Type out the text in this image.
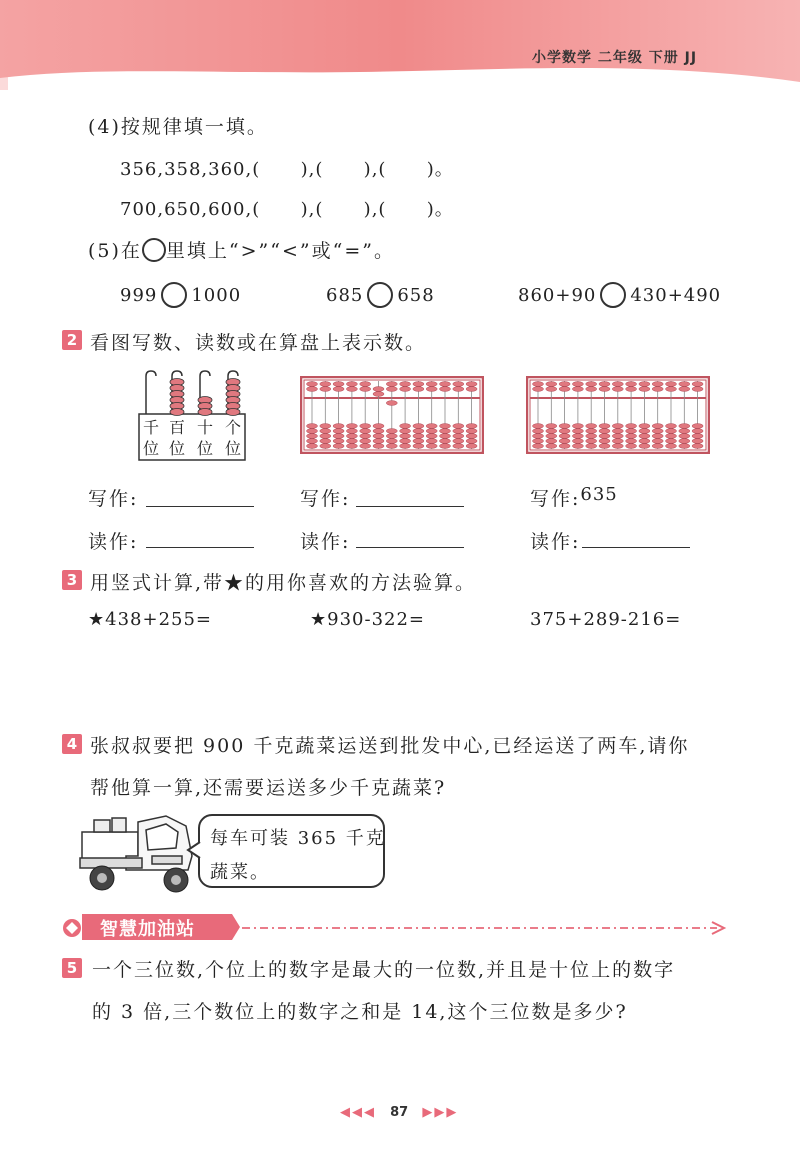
小学数学 二年级 下册 JJ
(4)按规律填一填。
356,358,360,(      ),(      ),(      )。
700,650,600,(      ),(      ),(      )。
(5)在 里填上“>”“<”或“=”。
999 1000	685 658	860+90 430+490
2 看图写数、读数或在算盘上表示数。
千 百 十 个
位 位 位 位
写作:	写作:	写作: 635
读作:	读作:	读作:
3 用竖式计算,带★的用你喜欢的方法验算。
★438+255=	★930-322=	375+289-216=
4 张叔叔要把 900 千克蔬菜运送到批发中心,已经运送了两车,请你
帮他算一算,还需要运送多少千克蔬菜?
每车可装 365 千克
蔬菜。
智慧加油站
5 一个三位数,个位上的数字是最大的一位数,并且是十位上的数字
的 3 倍,三个数位上的数字之和是 14,这个三位数是多少?
◀◀◀ 87 ▶▶▶
